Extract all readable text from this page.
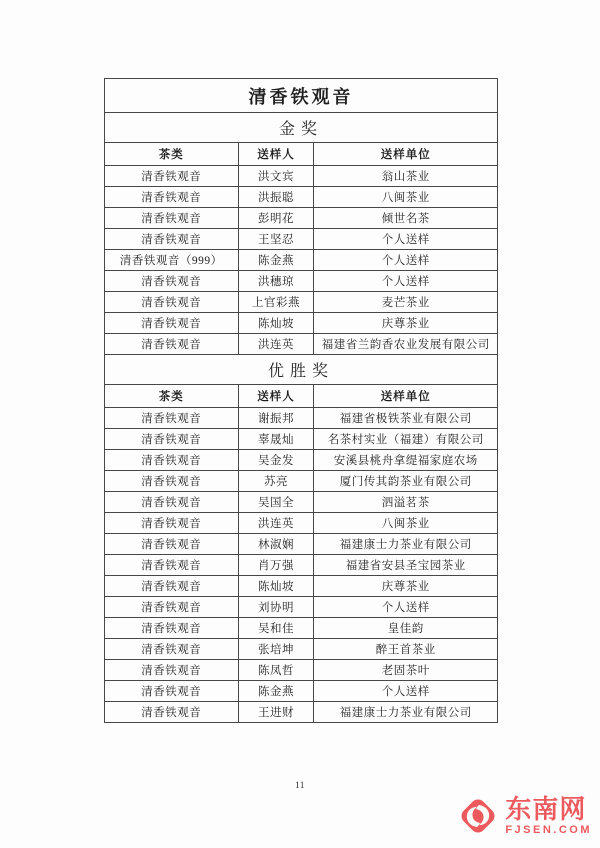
清香铁观音		
金奖		
茶类	送样人	送样单位
清香铁观音	洪文宾	翁山茶业
清香铁观音	洪振聪	八闽茶业
清香铁观音	彭明花	倾世名茶
清香铁观音	王坚忍	个人送样
清香铁观音（999）	陈金燕	个人送样
清香铁观音	洪穗琼	个人送样
清香铁观音	上官彩燕	麦芒茶业
清香铁观音	陈灿坡	庆尊茶业
清香铁观音	洪连英	福建省兰韵香农业发展有限公司
优胜奖		
茶类	送样人	送样单位
清香铁观音	谢振邦	福建省极铁茶业有限公司
清香铁观音	辜晟灿	名茶村实业（福建）有限公司
清香铁观音	吴金发	安溪县桃舟拿缇福家庭农场
清香铁观音	苏亮	厦门传其韵茶业有限公司
清香铁观音	吴国全	泗溢茗茶
清香铁观音	洪连英	八闽茶业
清香铁观音	林淑娴	福建康士力茶业有限公司
清香铁观音	肖万强	福建省安县圣宝园茶业
清香铁观音	陈灿坡	庆尊茶业
清香铁观音	刘协明	个人送样
清香铁观音	吴和佳	皇佳韵
清香铁观音	张培坤	醉王首茶业
清香铁观音	陈凤哲	老固茶叶
清香铁观音	陈金燕	个人送样
清香铁观音	王进财	福建康士力茶业有限公司
11
东南网
FJSEN.COM
